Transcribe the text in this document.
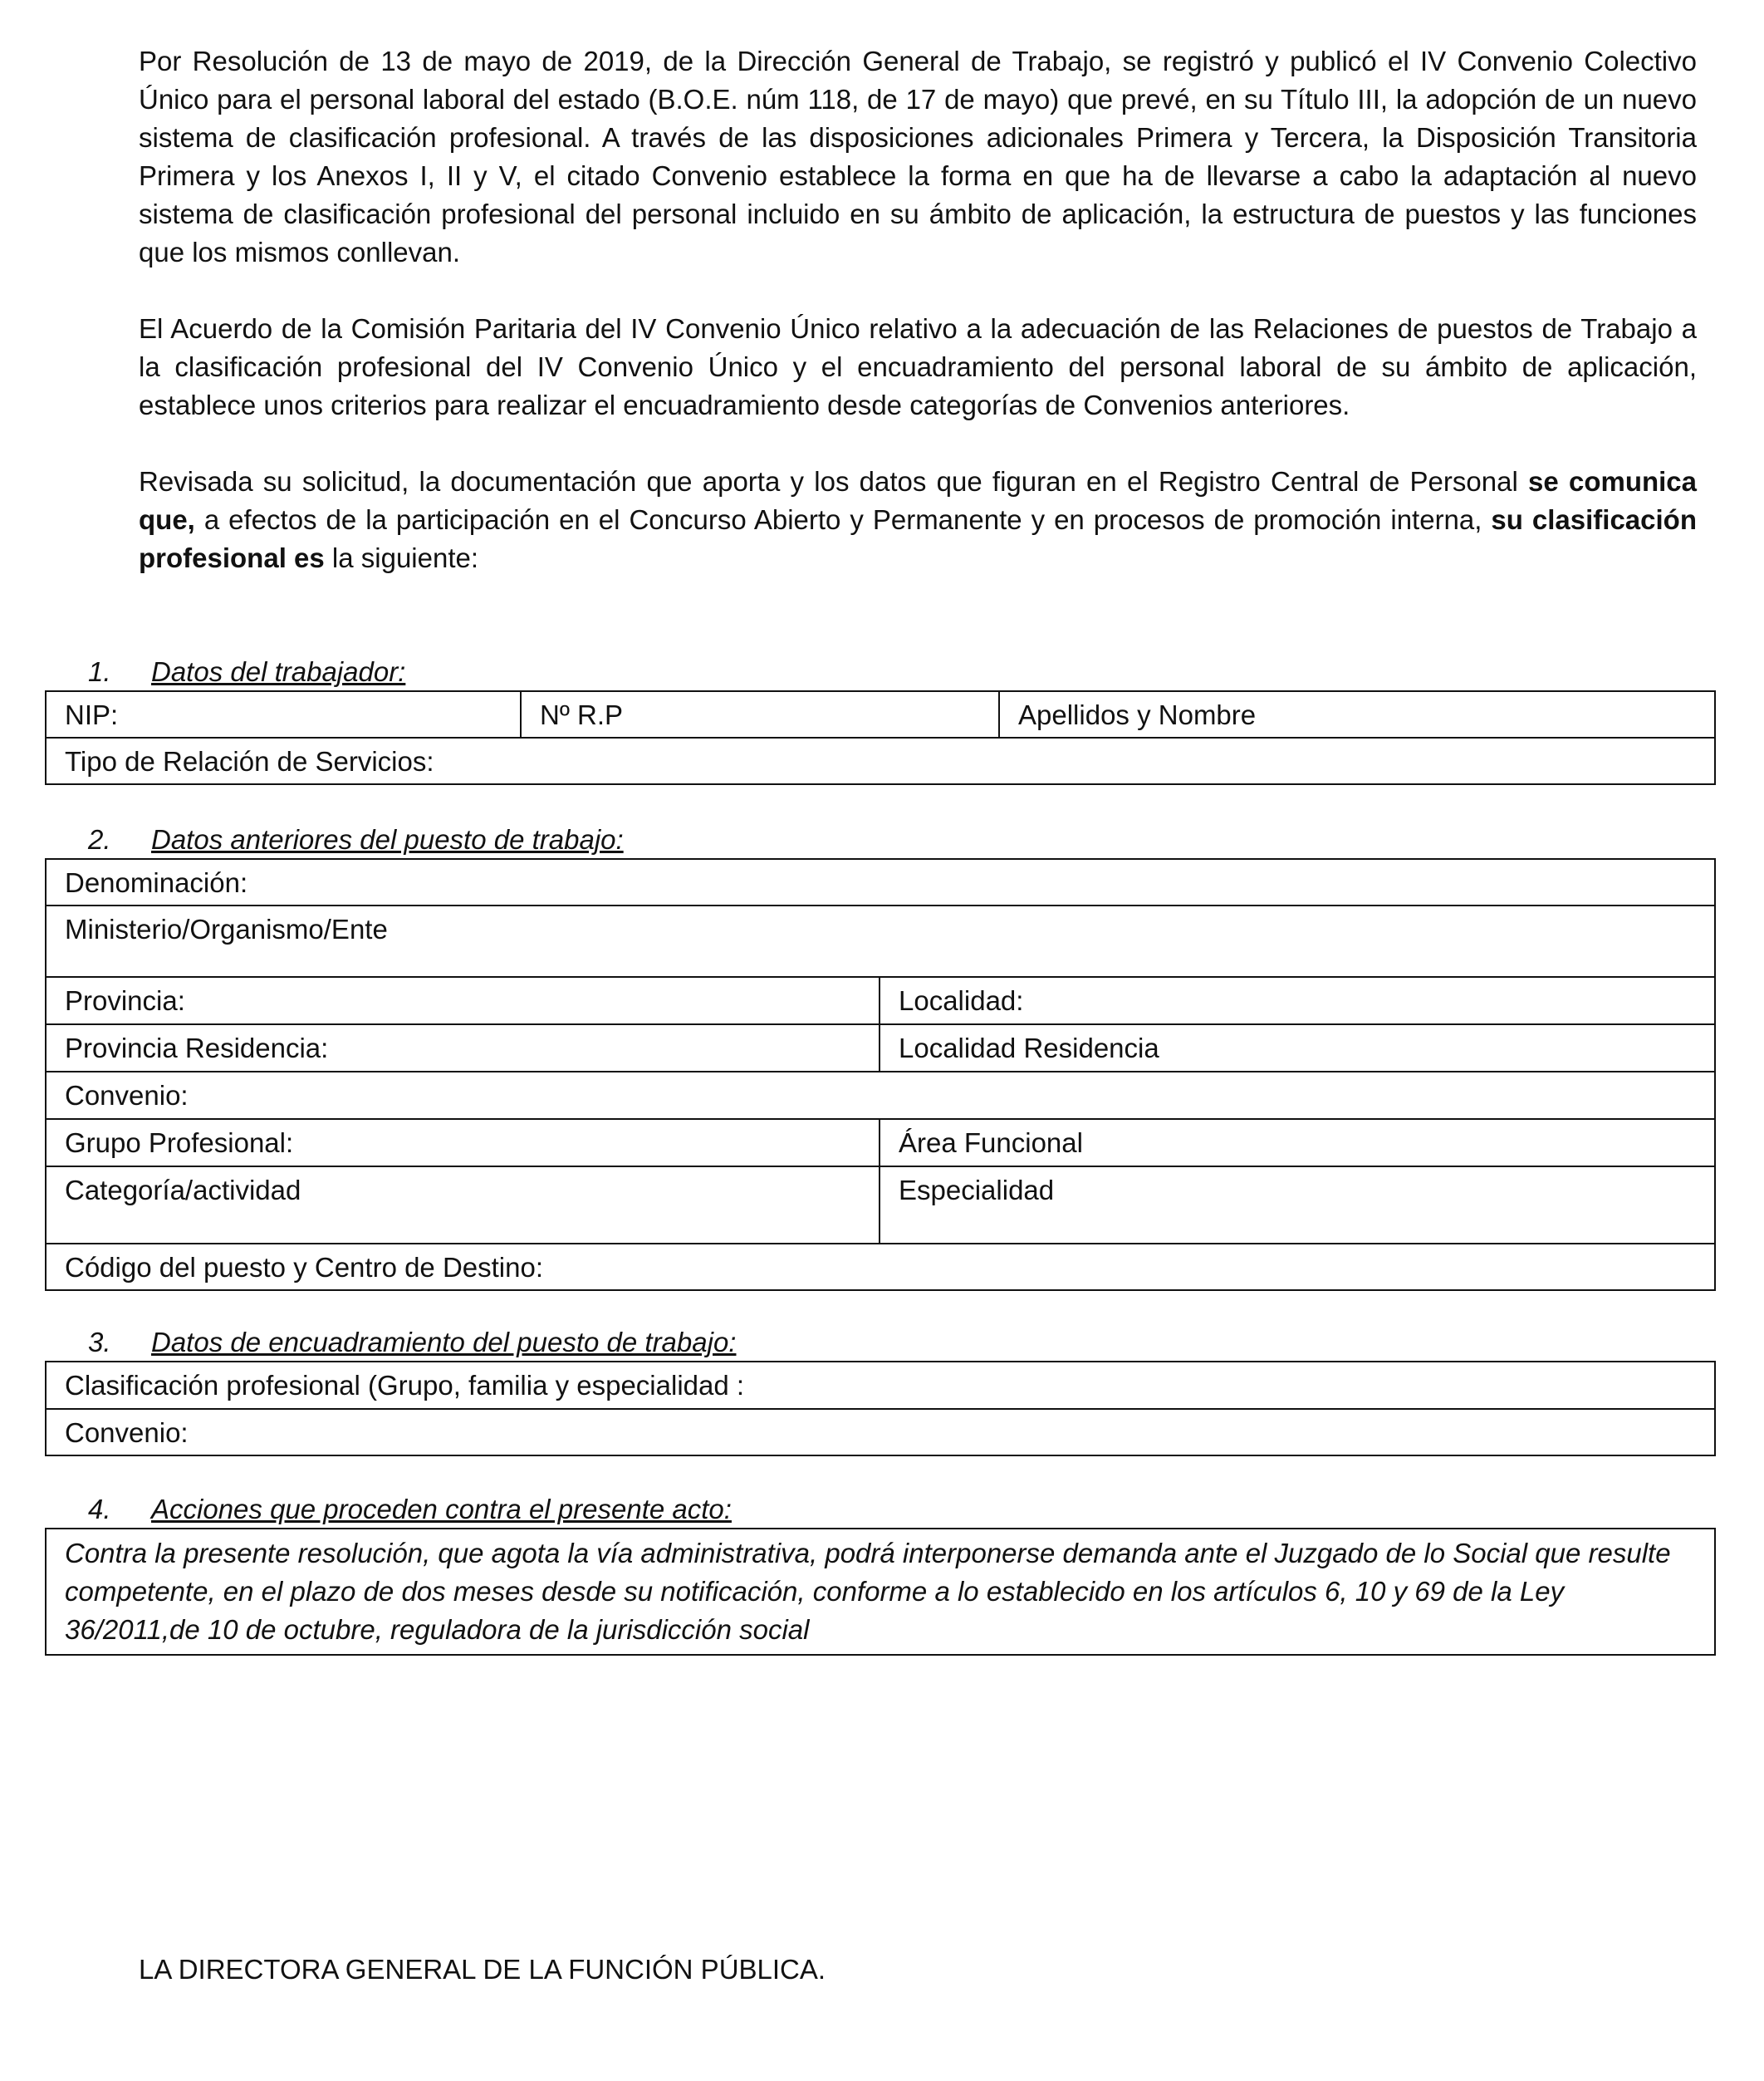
Por Resolución de 13 de mayo de 2019, de la Dirección General de Trabajo, se registró y publicó el IV Convenio Colectivo Único para el personal laboral del estado (B.O.E. núm 118, de 17 de mayo) que prevé, en su Título III, la adopción de un nuevo sistema de clasificación profesional. A través de las disposiciones adicionales Primera y Tercera, la Disposición Transitoria Primera y los Anexos I, II y V, el citado Convenio establece la forma en que ha de llevarse a cabo la adaptación al nuevo sistema de clasificación profesional del personal incluido en su ámbito de aplicación, la estructura de puestos y las funciones que los mismos conllevan.

El Acuerdo de la Comisión Paritaria del IV Convenio Único relativo a la adecuación de las Relaciones de puestos de Trabajo a la clasificación profesional del IV Convenio Único y el encuadramiento del personal laboral de su ámbito de aplicación, establece unos criterios para realizar el encuadramiento desde categorías de Convenios anteriores.

Revisada su solicitud, la documentación que aporta y los datos que figuran en el Registro Central de Personal se comunica que, a efectos de la participación en el Concurso Abierto y Permanente y en procesos de promoción interna, su clasificación profesional es la siguiente:

1. Datos del trabajador:
NIP:	Nº R.P	Apellidos y Nombre
Tipo de Relación de Servicios:
2. Datos anteriores del puesto de trabajo:
Denominación:	
Ministerio/Organismo/Ente	
Provincia:	Localidad:
Provincia Residencia:	Localidad Residencia
Convenio:	
Grupo Profesional:	Área Funcional
Categoría/actividad	Especialidad
Código del puesto y Centro de Destino:	
3. Datos de encuadramiento del puesto de trabajo:
Clasificación profesional (Grupo, familia y especialidad :
Convenio:
4. Acciones que proceden contra el presente acto:
Contra la presente resolución, que agota la vía administrativa, podrá interponerse demanda ante el Juzgado de lo Social que resulte competente, en el plazo de dos meses desde su notificación, conforme a lo establecido en los artículos 6, 10 y 69 de la Ley 36/2011,de 10 de octubre, reguladora de la jurisdicción social
LA DIRECTORA GENERAL DE LA FUNCIÓN PÚBLICA.
